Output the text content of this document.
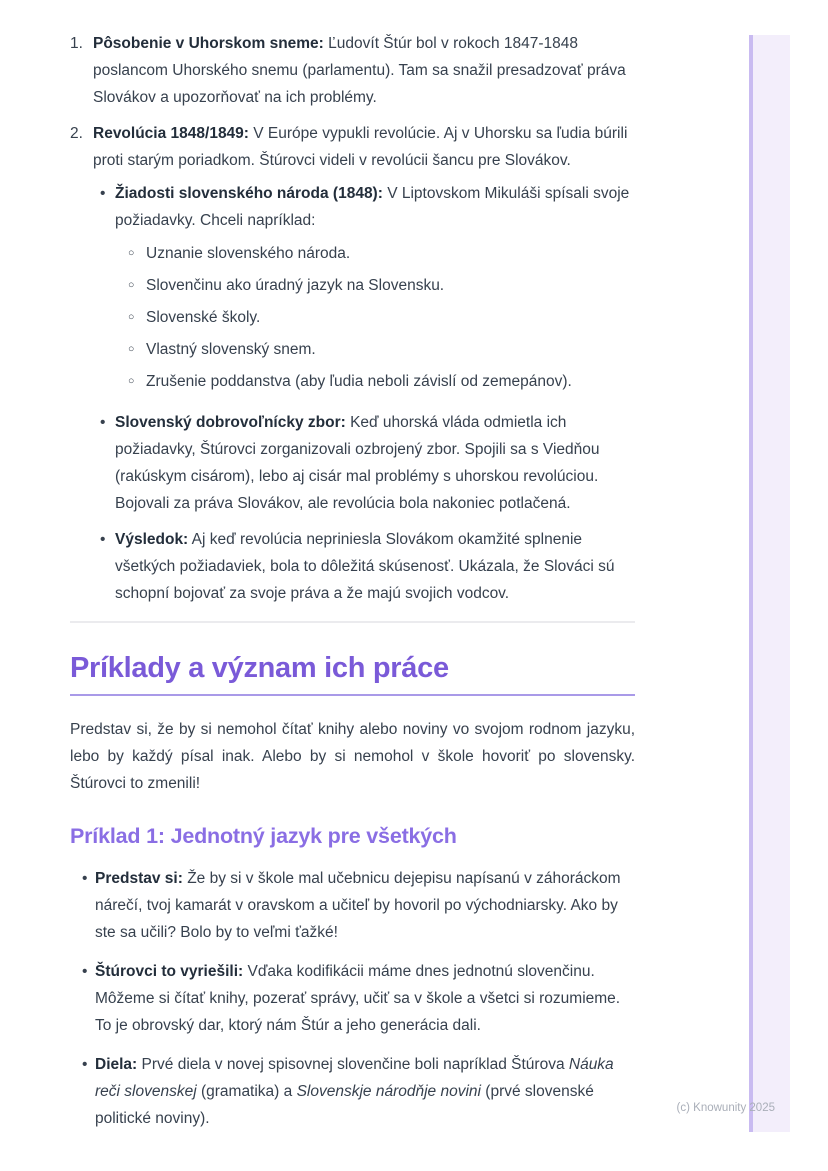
1. Pôsobenie v Uhorskom sneme: Ľudovít Štúr bol v rokoch 1847-1848 poslancom Uhorského snemu (parlamentu). Tam sa snažil presadzovať práva Slovákov a upozorňovať na ich problémy.
2. Revolúcia 1848/1849: V Európe vypukli revolúcie. Aj v Uhorsku sa ľudia búrili proti starým poriadkom. Štúrovci videli v revolúcii šancu pre Slovákov.
• Žiadosti slovenského národa (1848): V Liptovskom Mikuláši spísali svoje požiadavky. Chceli napríklad:
○ Uznanie slovenského národa.
○ Slovenčinu ako úradný jazyk na Slovensku.
○ Slovenské školy.
○ Vlastný slovenský snem.
○ Zrušenie poddanstva (aby ľudia neboli závislí od zemepánov).
• Slovenský dobrovoľnícky zbor: Keď uhorská vláda odmietla ich požiadavky, Štúrovci zorganizovali ozbrojený zbor. Spojili sa s Viedňou (rakúskym cisárom), lebo aj cisár mal problémy s uhorskou revolúciou. Bojovali za práva Slovákov, ale revolúcia bola nakoniec potlačená.
• Výsledok: Aj keď revolúcia nepriniesla Slovákom okamžité splnenie všetkých požiadaviek, bola to dôležitá skúsenosť. Ukázala, že Slováci sú schopní bojovať za svoje práva a že majú svojich vodcov.
Príklady a význam ich práce

Predstav si, že by si nemohol čítať knihy alebo noviny vo svojom rodnom jazyku, lebo by každý písal inak. Alebo by si nemohol v škole hovoriť po slovensky. Štúrovci to zmenili!

Príklad 1: Jednotný jazyk pre všetkých
• Predstav si: Že by si v škole mal učebnicu dejepisu napísanú v záhoráckom nárečí, tvoj kamarát v oravskom a učiteľ by hovoril po východniarsky. Ako by ste sa učili? Bolo by to veľmi ťažké!
• Štúrovci to vyriešili: Vďaka kodifikácii máme dnes jednotnú slovenčinu. Môžeme si čítať knihy, pozerať správy, učiť sa v škole a všetci si rozumieme. To je obrovský dar, ktorý nám Štúr a jeho generácia dali.
• Diela: Prvé diela v novej spisovnej slovenčine boli napríklad Štúrova Náuka reči slovenskej (gramatika) a Slovenskje národňje novini (prvé slovenské politické noviny).
(c) Knowunity 2025
